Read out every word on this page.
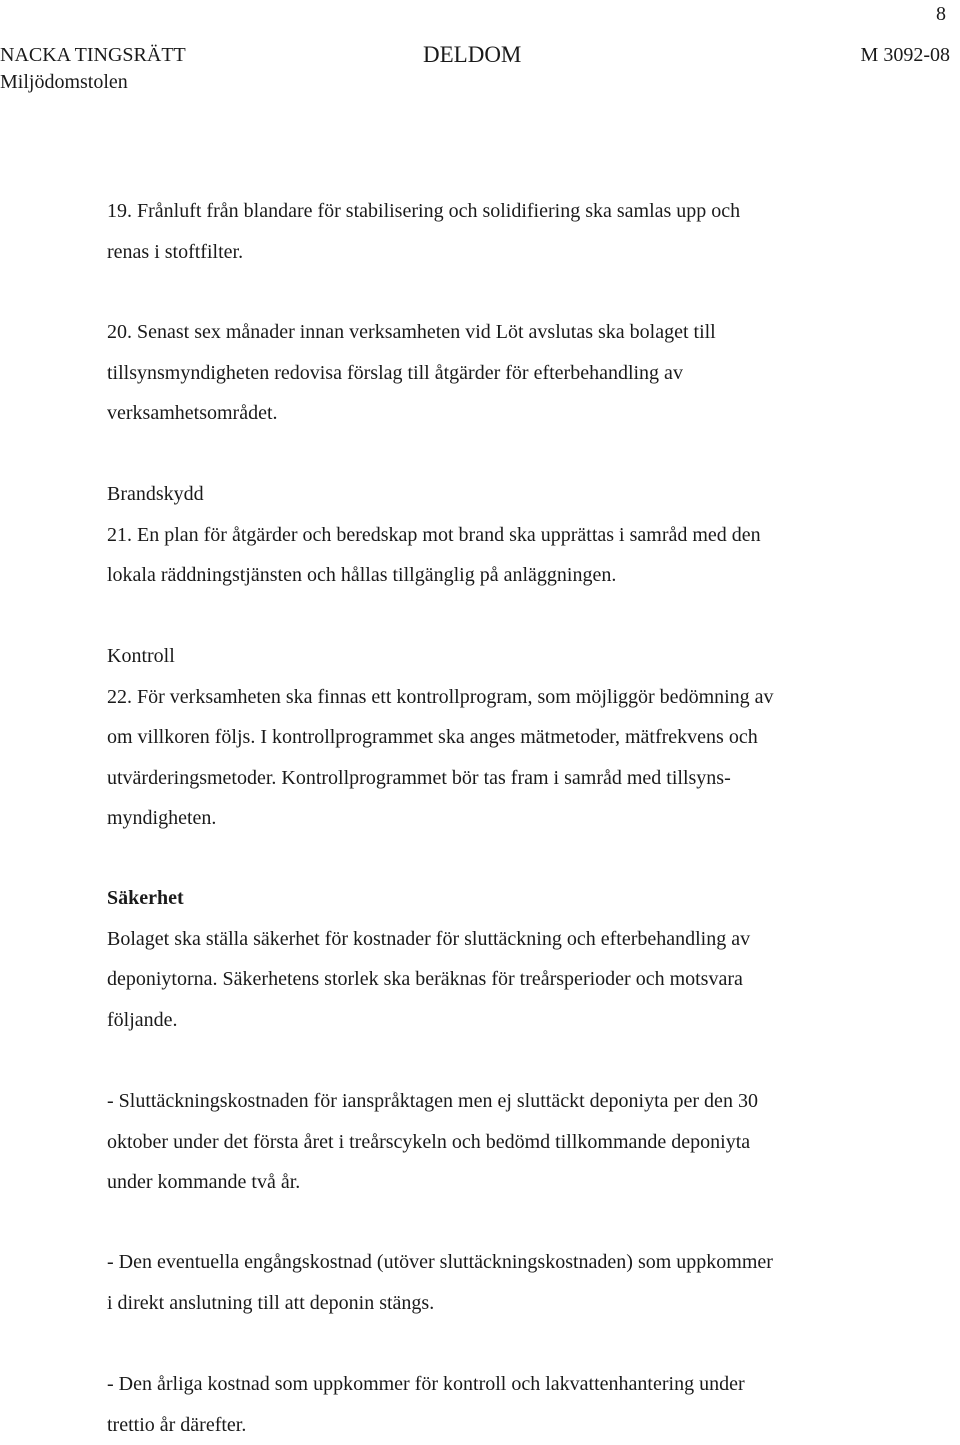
8
NACKA TINGSRÄTT
Miljödomstolen
DELDOM	M 3092-08
19. Frånluft från blandare för stabilisering och solidifiering ska samlas upp och
renas i stoftfilter.
20. Senast sex månader innan verksamheten vid Löt avslutas ska bolaget till
tillsynsmyndigheten redovisa förslag till åtgärder för efterbehandling av
verksamhetsområdet.
Brandskydd
21. En plan för åtgärder och beredskap mot brand ska upprättas i samråd med den
lokala räddningstjänsten och hållas tillgänglig på anläggningen.
Kontroll
22. För verksamheten ska finnas ett kontrollprogram, som möjliggör bedömning av
om villkoren följs. I kontrollprogrammet ska anges mätmetoder, mätfrekvens och
utvärderingsmetoder. Kontrollprogrammet bör tas fram i samråd med tillsyns-
myndigheten.
Säkerhet
Bolaget ska ställa säkerhet för kostnader för sluttäckning och efterbehandling av
deponiytorna. Säkerhetens storlek ska beräknas för treårsperioder och motsvara
följande.
- Sluttäckningskostnaden för ianspråktagen men ej sluttäckt deponiyta per den 30
oktober under det första året i treårscykeln och bedömd tillkommande deponiyta
under kommande två år.
- Den eventuella engångskostnad (utöver sluttäckningskostnaden) som uppkommer
i direkt anslutning till att deponin stängs.
- Den årliga kostnad som uppkommer för kontroll och lakvattenhantering under
trettio år därefter.
